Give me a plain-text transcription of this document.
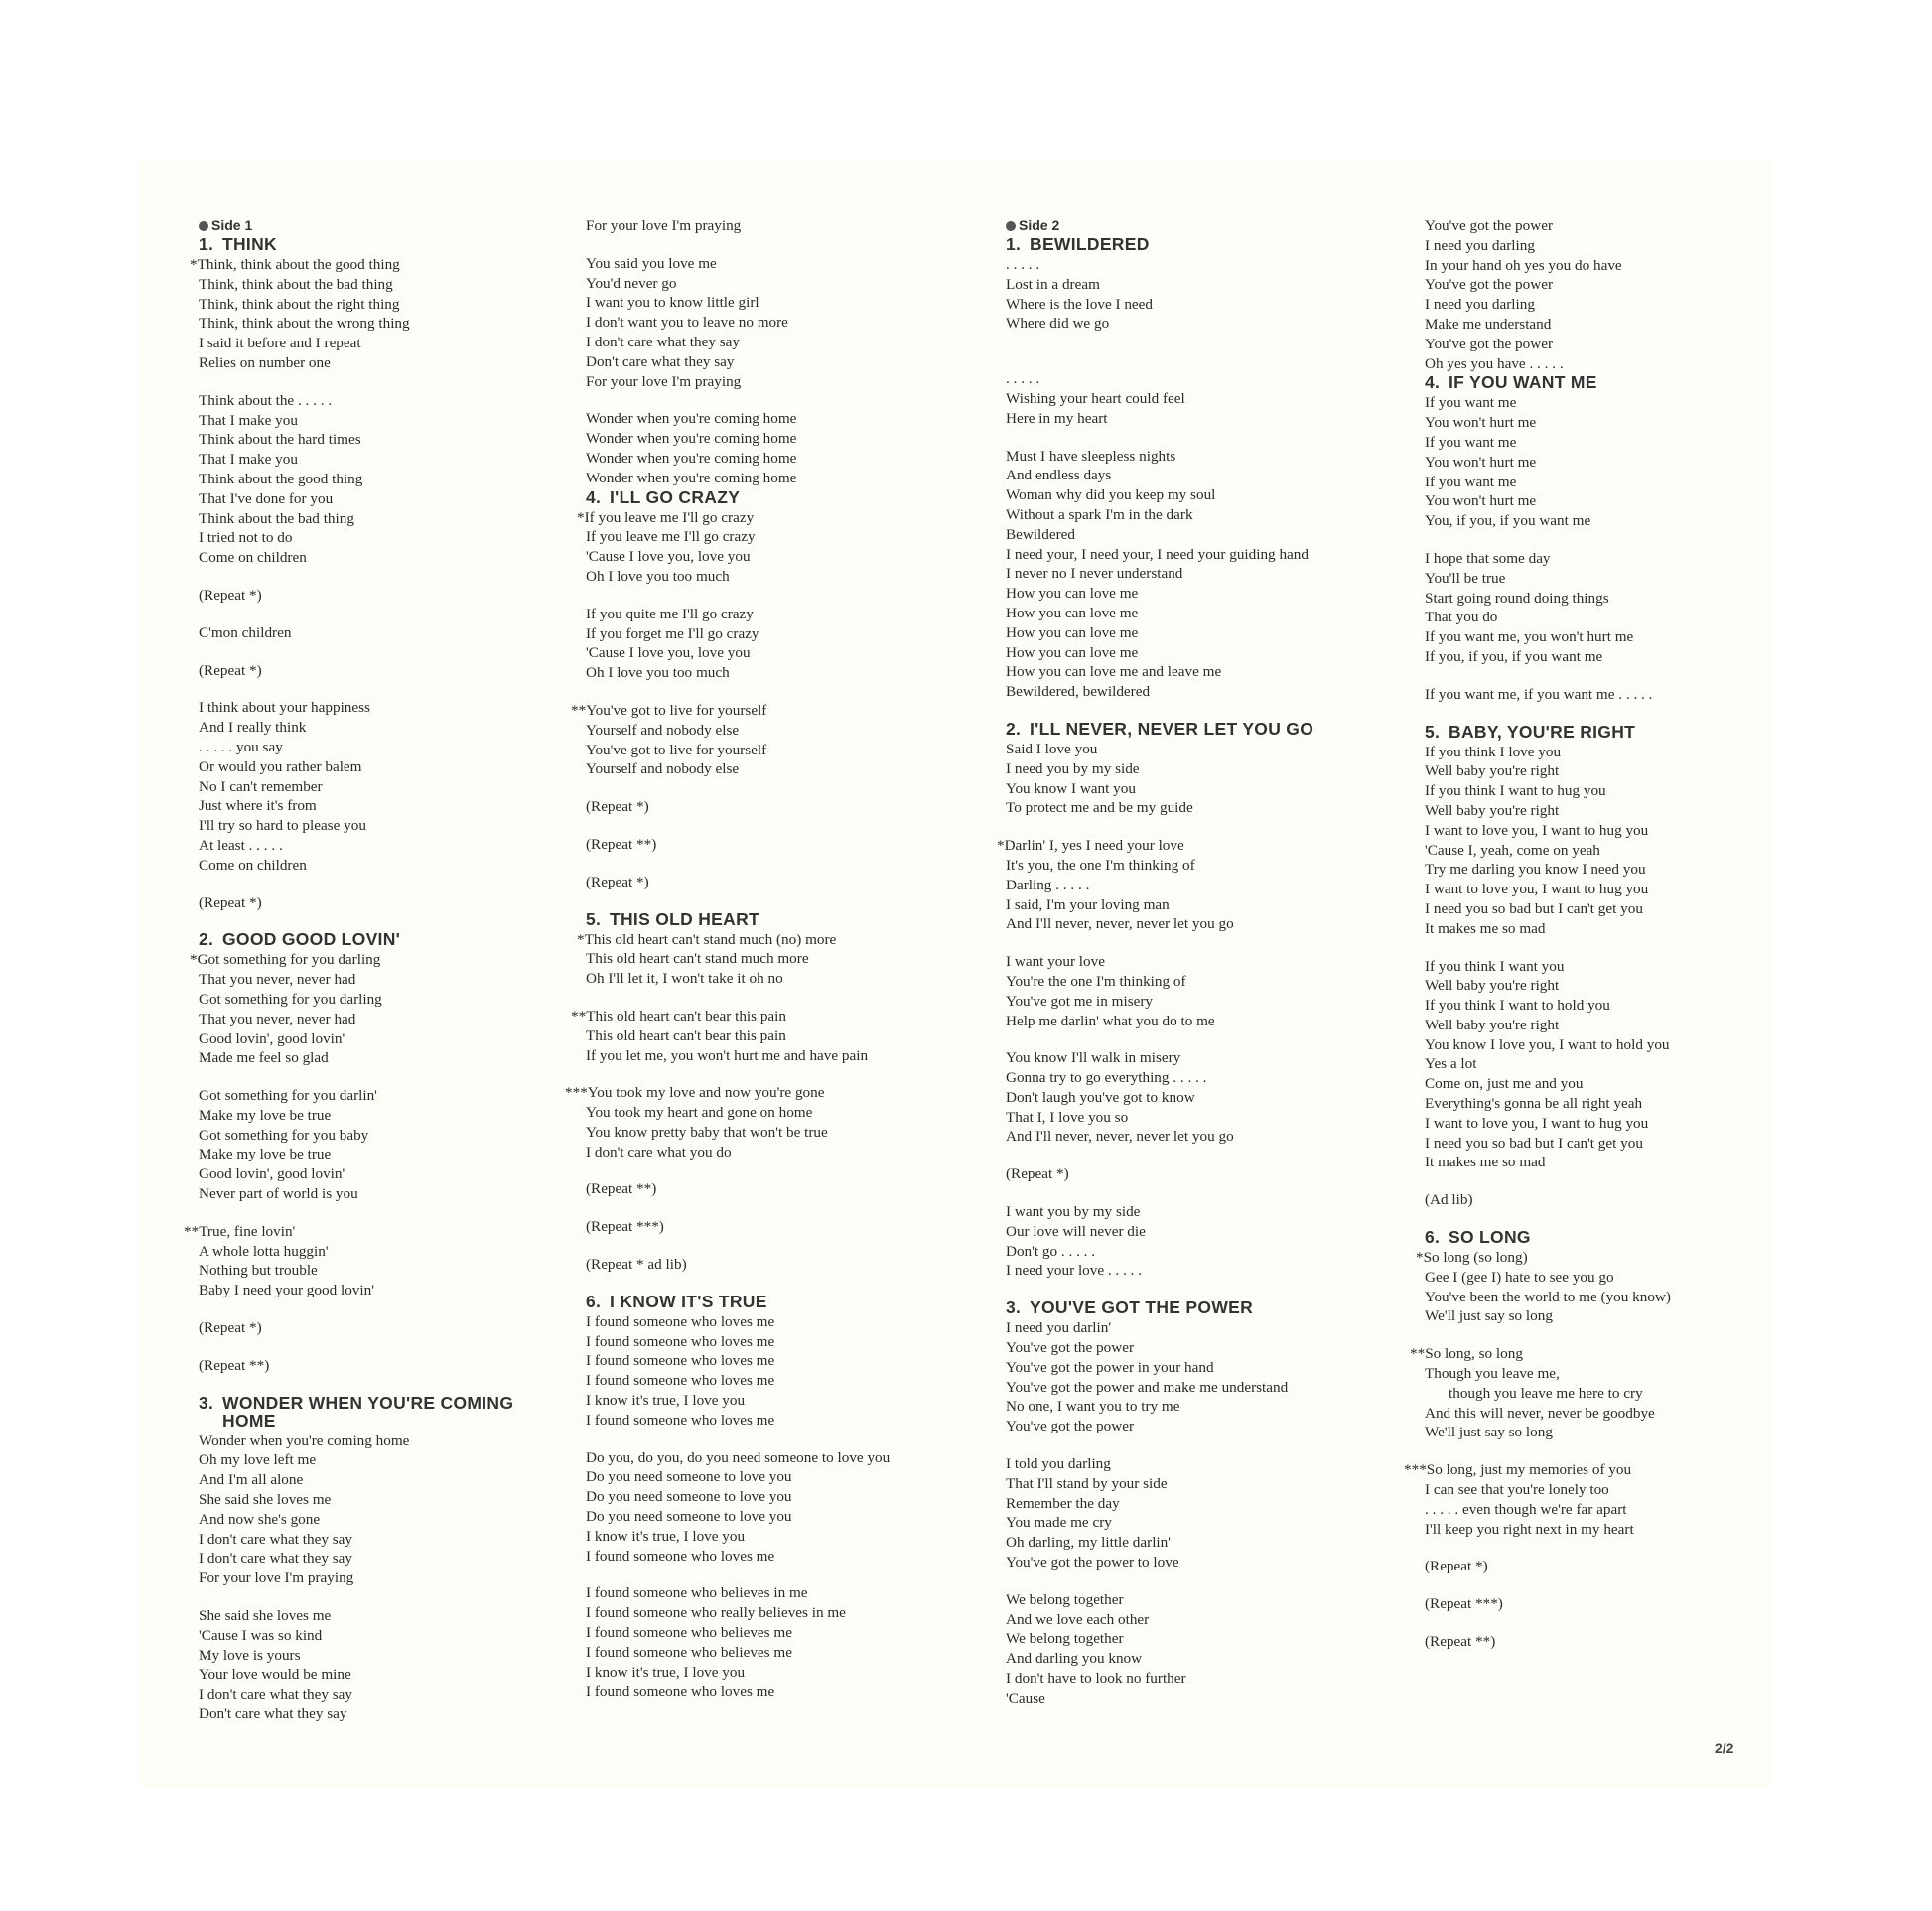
Side 1
1. THINK
*Think, think about the good thing
Think, think about the bad thing
Think, think about the right thing
Think, think about the wrong thing
I said it before and I repeat
Relies on number one
Think about the . . . . .
That I make you
Think about the hard times
That I make you
Think about the good thing
That I've done for you
Think about the bad thing
I tried not to do
Come on children
(Repeat *)
C'mon children
(Repeat *)
I think about your happiness
And I really think
. . . . . you say
Or would you rather balem
No I can't remember
Just where it's from
I'll try so hard to please you
At least . . . . .
Come on children
(Repeat *)
2. GOOD GOOD LOVIN'
*Got something for you darling
That you never, never had
Got something for you darling
That you never, never had
Good lovin', good lovin'
Made me feel so glad
Got something for you darlin'
Make my love be true
Got something for you baby
Make my love be true
Good lovin', good lovin'
Never part of world is you
**True, fine lovin'
A whole lotta huggin'
Nothing but trouble
Baby I need your good lovin'
(Repeat *)
(Repeat **)
3. WONDER WHEN YOU'RE COMING
HOME
Wonder when you're coming home
Oh my love left me
And I'm all alone
She said she loves me
And now she's gone
I don't care what they say
I don't care what they say
For your love I'm praying
She said she loves me
'Cause I was so kind
My love is yours
Your love would be mine
I don't care what they say
Don't care what they say
For your love I'm praying
You said you love me
You'd never go
I want you to know little girl
I don't want you to leave no more
I don't care what they say
Don't care what they say
For your love I'm praying
Wonder when you're coming home
Wonder when you're coming home
Wonder when you're coming home
Wonder when you're coming home
4. I'LL GO CRAZY
*If you leave me I'll go crazy
If you leave me I'll go crazy
'Cause I love you, love you
Oh I love you too much
If you quite me I'll go crazy
If you forget me I'll go crazy
'Cause I love you, love you
Oh I love you too much
**You've got to live for yourself
Yourself and nobody else
You've got to live for yourself
Yourself and nobody else
(Repeat *)
(Repeat **)
(Repeat *)
5. THIS OLD HEART
*This old heart can't stand much (no) more
This old heart can't stand much more
Oh I'll let it, I won't take it oh no
**This old heart can't bear this pain
This old heart can't bear this pain
If you let me, you won't hurt me and have pain
***You took my love and now you're gone
You took my heart and gone on home
You know pretty baby that won't be true
I don't care what you do
(Repeat **)
(Repeat ***)
(Repeat * ad lib)
6. I KNOW IT'S TRUE
I found someone who loves me
I found someone who loves me
I found someone who loves me
I found someone who loves me
I know it's true, I love you
I found someone who loves me
Do you, do you, do you need someone to love you
Do you need someone to love you
Do you need someone to love you
Do you need someone to love you
I know it's true, I love you
I found someone who loves me
I found someone who believes in me
I found someone who really believes in me
I found someone who believes me
I found someone who believes me
I know it's true, I love you
I found someone who loves me
Side 2
1. BEWILDERED
. . . . .
Lost in a dream
Where is the love I need
Where did we go
. . . . .
Wishing your heart could feel
Here in my heart
Must I have sleepless nights
And endless days
Woman why did you keep my soul
Without a spark I'm in the dark
Bewildered
I need your, I need your, I need your guiding hand
I never no I never understand
How you can love me
How you can love me
How you can love me
How you can love me
How you can love me and leave me
Bewildered, bewildered
2. I'LL NEVER, NEVER LET YOU GO
Said I love you
I need you by my side
You know I want you
To protect me and be my guide
*Darlin' I, yes I need your love
It's you, the one I'm thinking of
Darling . . . . .
I said, I'm your loving man
And I'll never, never, never let you go
I want your love
You're the one I'm thinking of
You've got me in misery
Help me darlin' what you do to me
You know I'll walk in misery
Gonna try to go everything . . . . .
Don't laugh you've got to know
That I, I love you so
And I'll never, never, never let you go
(Repeat *)
I want you by my side
Our love will never die
Don't go . . . . .
I need your love . . . . .
3. YOU'VE GOT THE POWER
I need you darlin'
You've got the power
You've got the power in your hand
You've got the power and make me understand
No one, I want you to try me
You've got the power
I told you darling
That I'll stand by your side
Remember the day
You made me cry
Oh darling, my little darlin'
You've got the power to love
We belong together
And we love each other
We belong together
And darling you know
I don't have to look no further
'Cause
You've got the power
I need you darling
In your hand oh yes you do have
You've got the power
I need you darling
Make me understand
You've got the power
Oh yes you have . . . . .
4. IF YOU WANT ME
If you want me
You won't hurt me
If you want me
You won't hurt me
If you want me
You won't hurt me
You, if you, if you want me
I hope that some day
You'll be true
Start going round doing things
That you do
If you want me, you won't hurt me
If you, if you, if you want me
If you want me, if you want me . . . . .
5. BABY, YOU'RE RIGHT
If you think I love you
Well baby you're right
If you think I want to hug you
Well baby you're right
I want to love you, I want to hug you
'Cause I, yeah, come on yeah
Try me darling you know I need you
I want to love you, I want to hug you
I need you so bad but I can't get you
It makes me so mad
If you think I want you
Well baby you're right
If you think I want to hold you
Well baby you're right
You know I love you, I want to hold you
Yes a lot
Come on, just me and you
Everything's gonna be all right yeah
I want to love you, I want to hug you
I need you so bad but I can't get you
It makes me so mad
(Ad lib)
6. SO LONG
*So long (so long)
Gee I (gee I) hate to see you go
You've been the world to me (you know)
We'll just say so long
**So long, so long
Though you leave me,
though you leave me here to cry
And this will never, never be goodbye
We'll just say so long
***So long, just my memories of you
I can see that you're lonely too
. . . . . even though we're far apart
I'll keep you right next in my heart
(Repeat *)
(Repeat ***)
(Repeat **)
2/2
